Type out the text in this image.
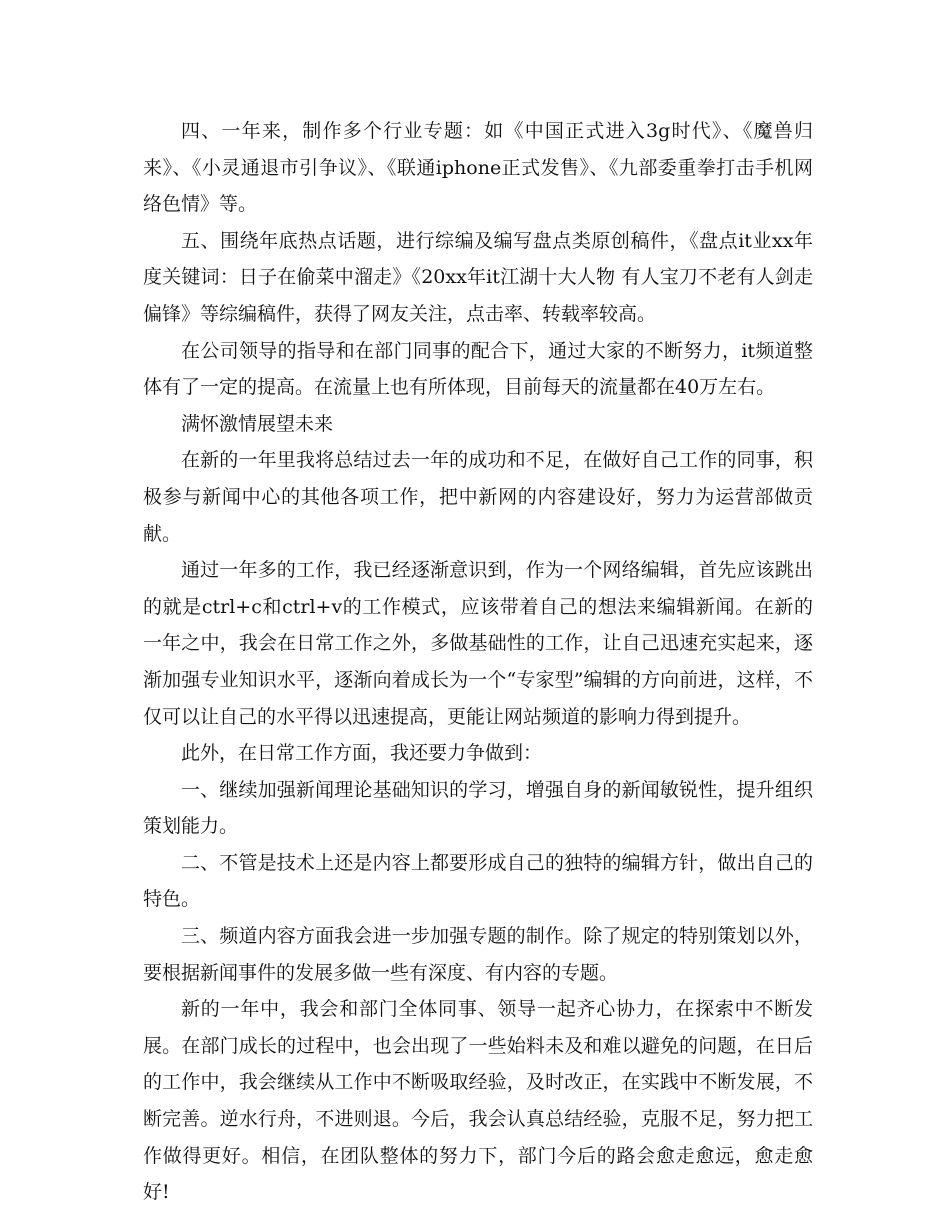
四、一年来，制作多个行业专题：如《中国正式进入3g时代》、《魔兽归来》、《小灵通退市引争议》、《联通iphone正式发售》、《九部委重拳打击手机网络色情》等。

五、围绕年底热点话题，进行综编及编写盘点类原创稿件，《盘点it业xx年度关键词：日子在偷菜中溜走》《20xx年it江湖十大人物 有人宝刀不老有人剑走偏锋》等综编稿件，获得了网友关注，点击率、转载率较高。

在公司领导的指导和在部门同事的配合下，通过大家的不断努力，it频道整体有了一定的提高。在流量上也有所体现，目前每天的流量都在40万左右。

满怀激情展望未来

在新的一年里我将总结过去一年的成功和不足，在做好自己工作的同事，积极参与新闻中心的其他各项工作，把中新网的内容建设好，努力为运营部做贡献。

通过一年多的工作，我已经逐渐意识到，作为一个网络编辑，首先应该跳出的就是ctrl+c和ctrl+v的工作模式，应该带着自己的想法来编辑新闻。在新的一年之中，我会在日常工作之外，多做基础性的工作，让自己迅速充实起来，逐渐加强专业知识水平，逐渐向着成长为一个“专家型”编辑的方向前进，这样，不仅可以让自己的水平得以迅速提高，更能让网站频道的影响力得到提升。

此外，在日常工作方面，我还要力争做到：

一、继续加强新闻理论基础知识的学习，增强自身的新闻敏锐性，提升组织策划能力。

二、不管是技术上还是内容上都要形成自己的独特的编辑方针，做出自己的特色。

三、频道内容方面我会进一步加强专题的制作。除了规定的特别策划以外，要根据新闻事件的发展多做一些有深度、有内容的专题。

新的一年中，我会和部门全体同事、领导一起齐心协力，在探索中不断发展。在部门成长的过程中，也会出现了一些始料未及和难以避免的问题，在日后的工作中，我会继续从工作中不断吸取经验，及时改正，在实践中不断发展，不断完善。逆水行舟，不进则退。今后，我会认真总结经验，克服不足，努力把工作做得更好。相信，在团队整体的努力下，部门今后的路会愈走愈远，愈走愈好!
